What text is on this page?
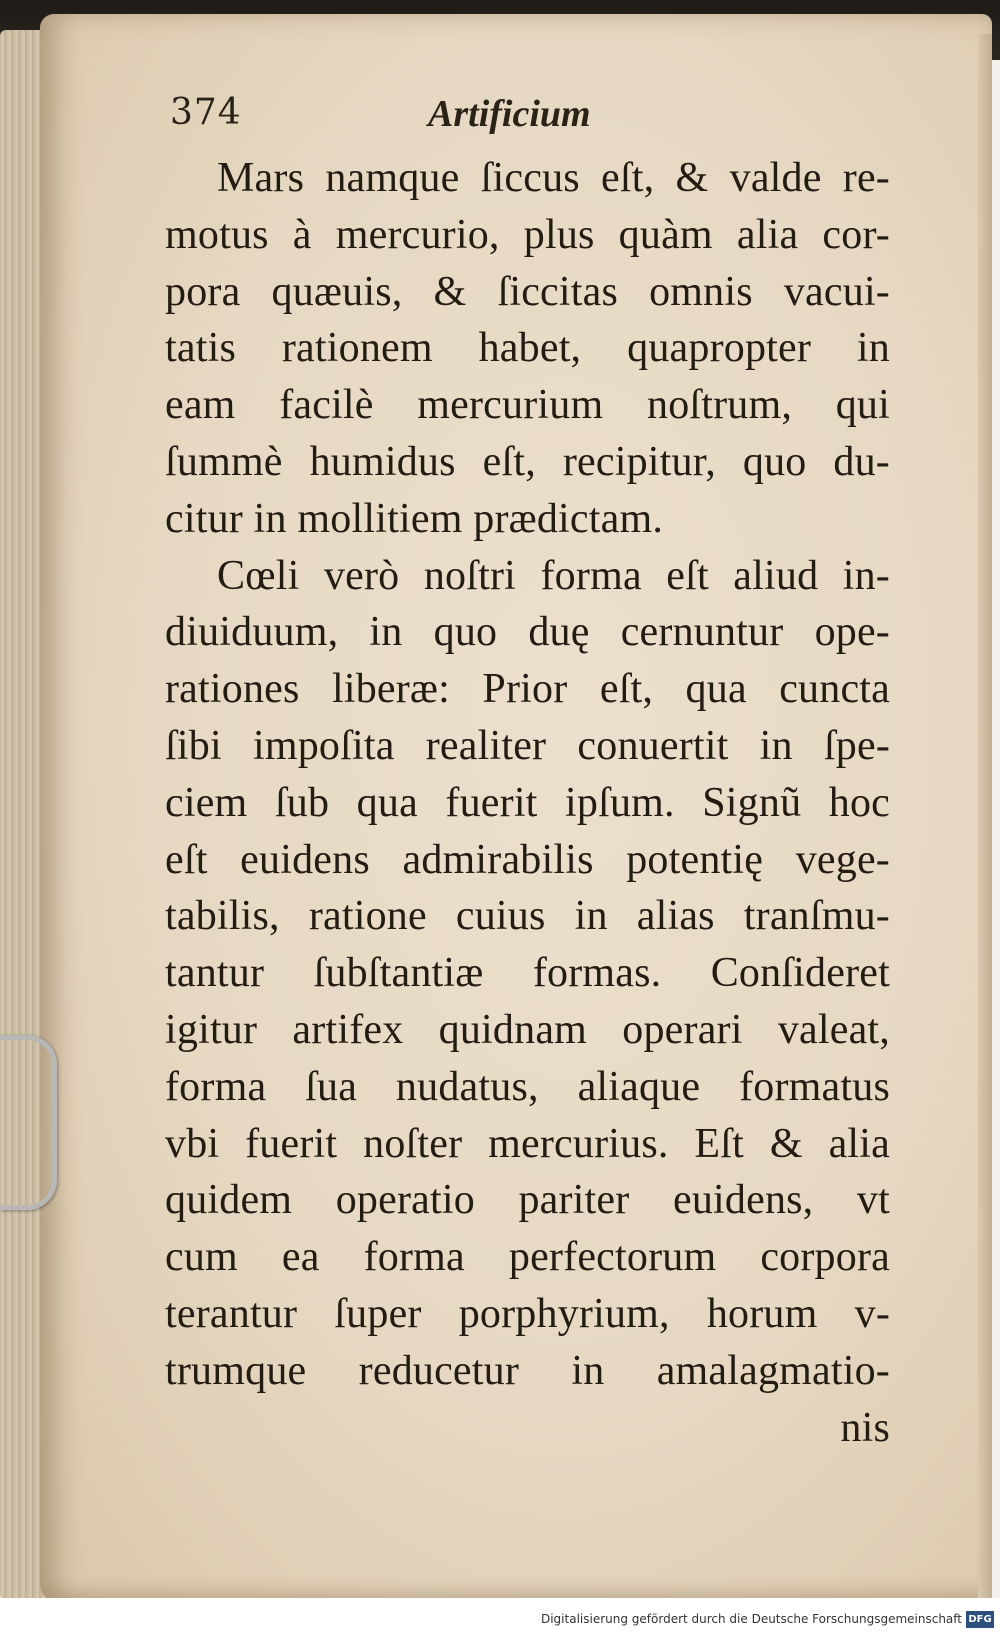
374	Artificium
Mars namque ſiccus eſt, & valde re-
motus à mercurio, plus quàm alia cor-
pora quæuis, & ſiccitas omnis vacui-
tatis rationem habet, quapropter in
eam facilè mercurium noſtrum, qui
ſummè humidus eſt, recipitur, quo du-
citur in mollitiem prædictam.
Cœli verò noſtri forma eſt aliud in-
diuiduum, in quo duę cernuntur ope-
rationes liberæ: Prior eſt, qua cuncta
ſibi impoſita realiter conuertit in ſpe-
ciem ſub qua fuerit ipſum. Signũ hoc
eſt euidens admirabilis potentię vege-
tabilis, ratione cuius in alias tranſmu-
tantur ſubſtantiæ formas. Conſideret
igitur artifex quidnam operari valeat,
forma ſua nudatus, aliaque formatus
vbi fuerit noſter mercurius. Eſt & alia
quidem operatio pariter euidens, vt
cum ea forma perfectorum corpora
terantur ſuper porphyrium, horum v-
trumque reducetur in amalagmatio-
nis
Digitalisierung gefördert durch die Deutsche Forschungsgemeinschaft DFG
